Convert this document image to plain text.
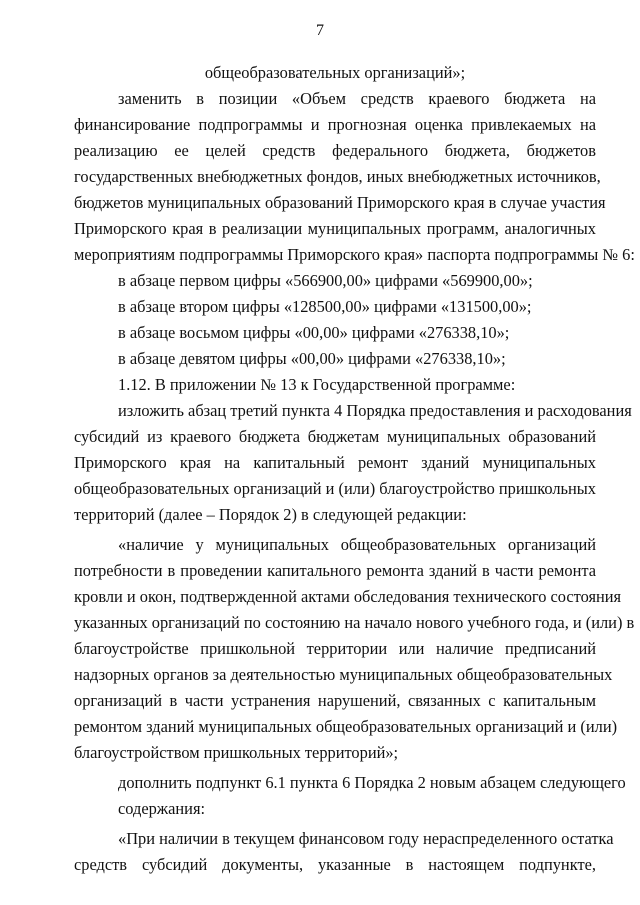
7
общеобразовательных организаций»;
заменить в позиции «Объем средств краевого бюджета на
финансирование подпрограммы и прогнозная оценка привлекаемых на
реализацию ее целей средств федерального бюджета, бюджетов
государственных внебюджетных фондов, иных внебюджетных источников,
бюджетов муниципальных образований Приморского края в случае участия
Приморского края в реализации муниципальных программ, аналогичных
мероприятиям подпрограммы Приморского края» паспорта подпрограммы № 6:
в абзаце первом цифры «566900,00» цифрами «569900,00»;
в абзаце втором цифры «128500,00» цифрами «131500,00»;
в абзаце восьмом цифры «00,00» цифрами «276338,10»;
в абзаце девятом цифры «00,00» цифрами «276338,10»;
1.12. В приложении № 13 к Государственной программе:
изложить абзац третий пункта 4 Порядка предоставления и расходования
субсидий из краевого бюджета бюджетам муниципальных образований
Приморского края на капитальный ремонт зданий муниципальных
общеобразовательных организаций и (или) благоустройство пришкольных
территорий (далее – Порядок 2) в следующей редакции:
«наличие у муниципальных общеобразовательных организаций
потребности в проведении капитального ремонта зданий в части ремонта
кровли и окон, подтвержденной актами обследования технического состояния
указанных организаций по состоянию на начало нового учебного года, и (или) в
благоустройстве пришкольной территории или наличие предписаний
надзорных органов за деятельностью муниципальных общеобразовательных
организаций в части устранения нарушений, связанных с капитальным
ремонтом зданий муниципальных общеобразовательных организаций и (или)
благоустройством пришкольных территорий»;
дополнить подпункт 6.1 пункта 6 Порядка 2 новым абзацем следующего
содержания:
«При наличии в текущем финансовом году нераспределенного остатка
средств субсидий документы, указанные в настоящем подпункте,
